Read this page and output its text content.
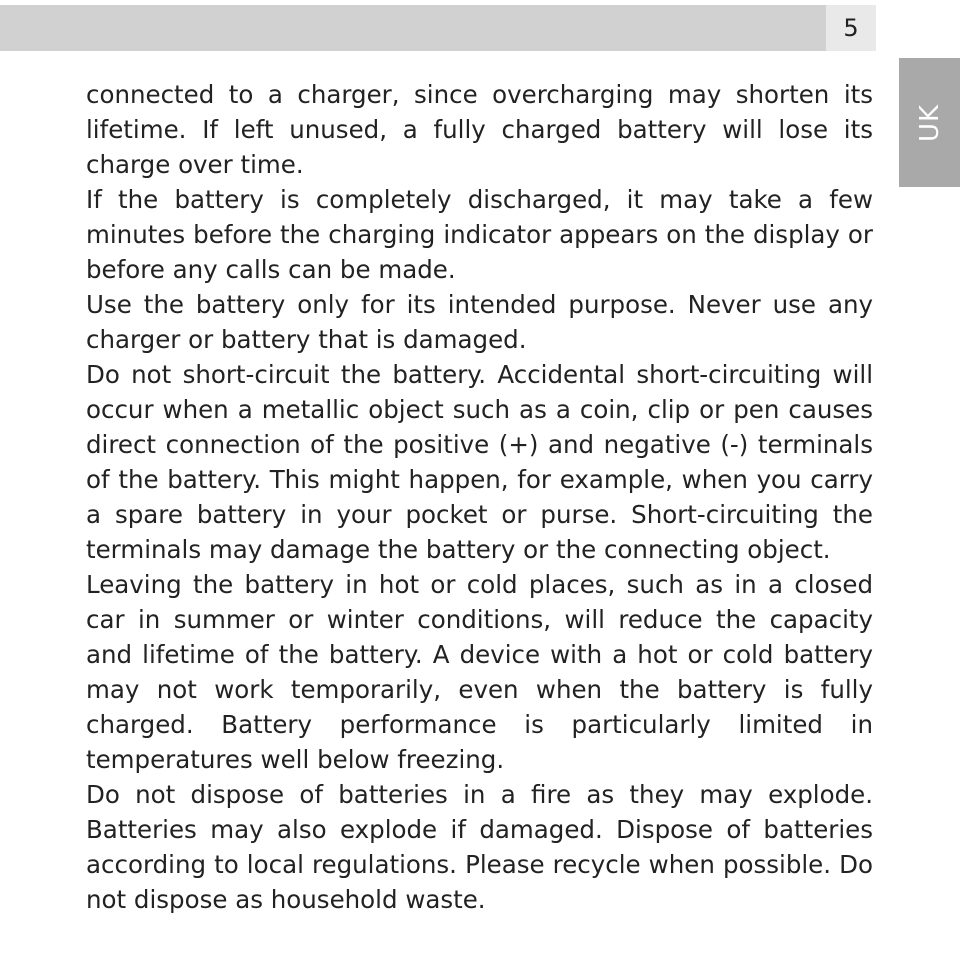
5
UK

connected to a charger, since overcharging may shorten its lifetime. If left unused, a fully charged battery will lose its charge over time.

If the battery is completely discharged, it may take a few minutes before the charging indicator appears on the display or before any calls can be made.

Use the battery only for its intended purpose. Never use any charger or battery that is damaged.

Do not short-circuit the battery. Accidental short-circuiting will occur when a metallic object such as a coin, clip or pen causes direct connection of the positive (+) and negative (-) terminals of the battery. This might happen, for example, when you carry a spare battery in your pocket or purse. Short-circuiting the terminals may damage the battery or the connecting object.

Leaving the battery in hot or cold places, such as in a closed car in summer or winter conditions, will reduce the capacity and lifetime of the battery. A device with a hot or cold battery may not work temporarily, even when the battery is fully charged. Battery performance is particularly limited in temperatures well below freezing.

Do not dispose of batteries in a fire as they may explode. Batteries may also explode if damaged. Dispose of batteries according to local regulations. Please recycle when possible. Do not dispose as household waste.
